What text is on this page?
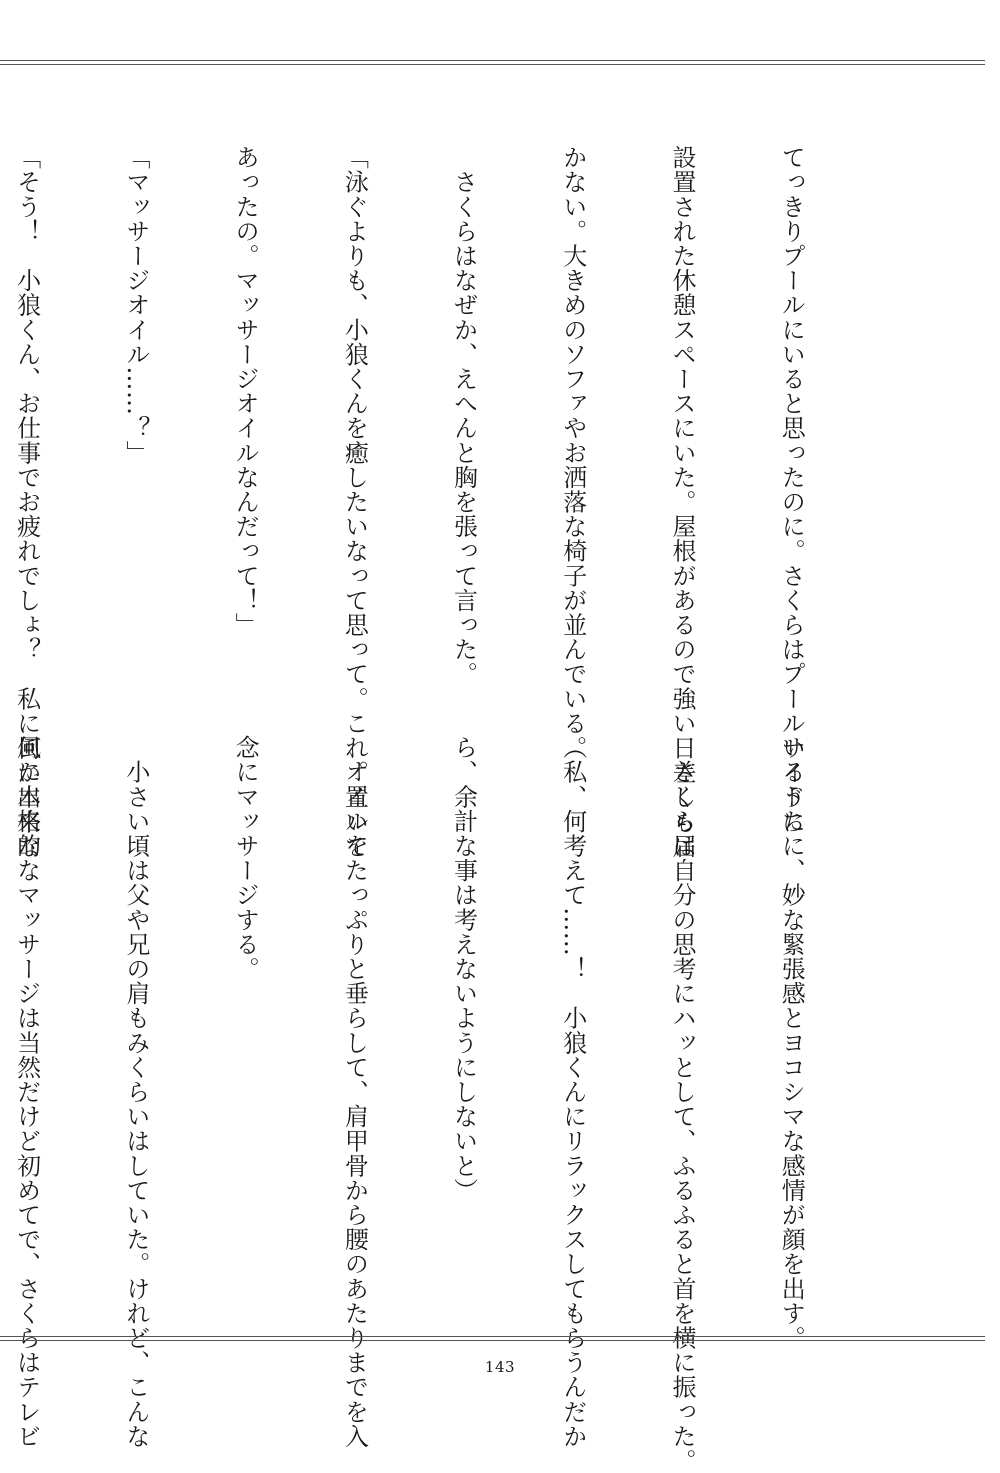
てっきりプールにいると思ったのに。さくらはプールサイドに

設置された休憩スペースにいた。屋根があるので強い日差しも届

かない。大きめのソファやお洒落な椅子が並んでいる。

　さくらはなぜか、えへんと胸を張って言った。

「泳ぐよりも、小狼くんを癒したいなって思って。これ。置いて

あったの。マッサージオイルなんだって！」

「マッサージオイル……？」

「そう！　小狼くん、お仕事でお疲れでしょ？　私に何か出来な

いるうちに、妙な緊張感とヨコシマな感情が顔を出す。

　さくらは自分の思考にハッとして、ふるふると首を横に振った。

（私、何考えて……！　小狼くんにリラックスしてもらうんだか

ら、余計な事は考えないようにしないと）

　オイルをたっぷりと垂らして、肩甲骨から腰のあたりまでを入

念にマッサージする。

　小さい頃は父や兄の肩もみくらいはしていた。けれど、こんな

風に本格的なマッサージは当然だけど初めてで、さくらはテレビ

	143
